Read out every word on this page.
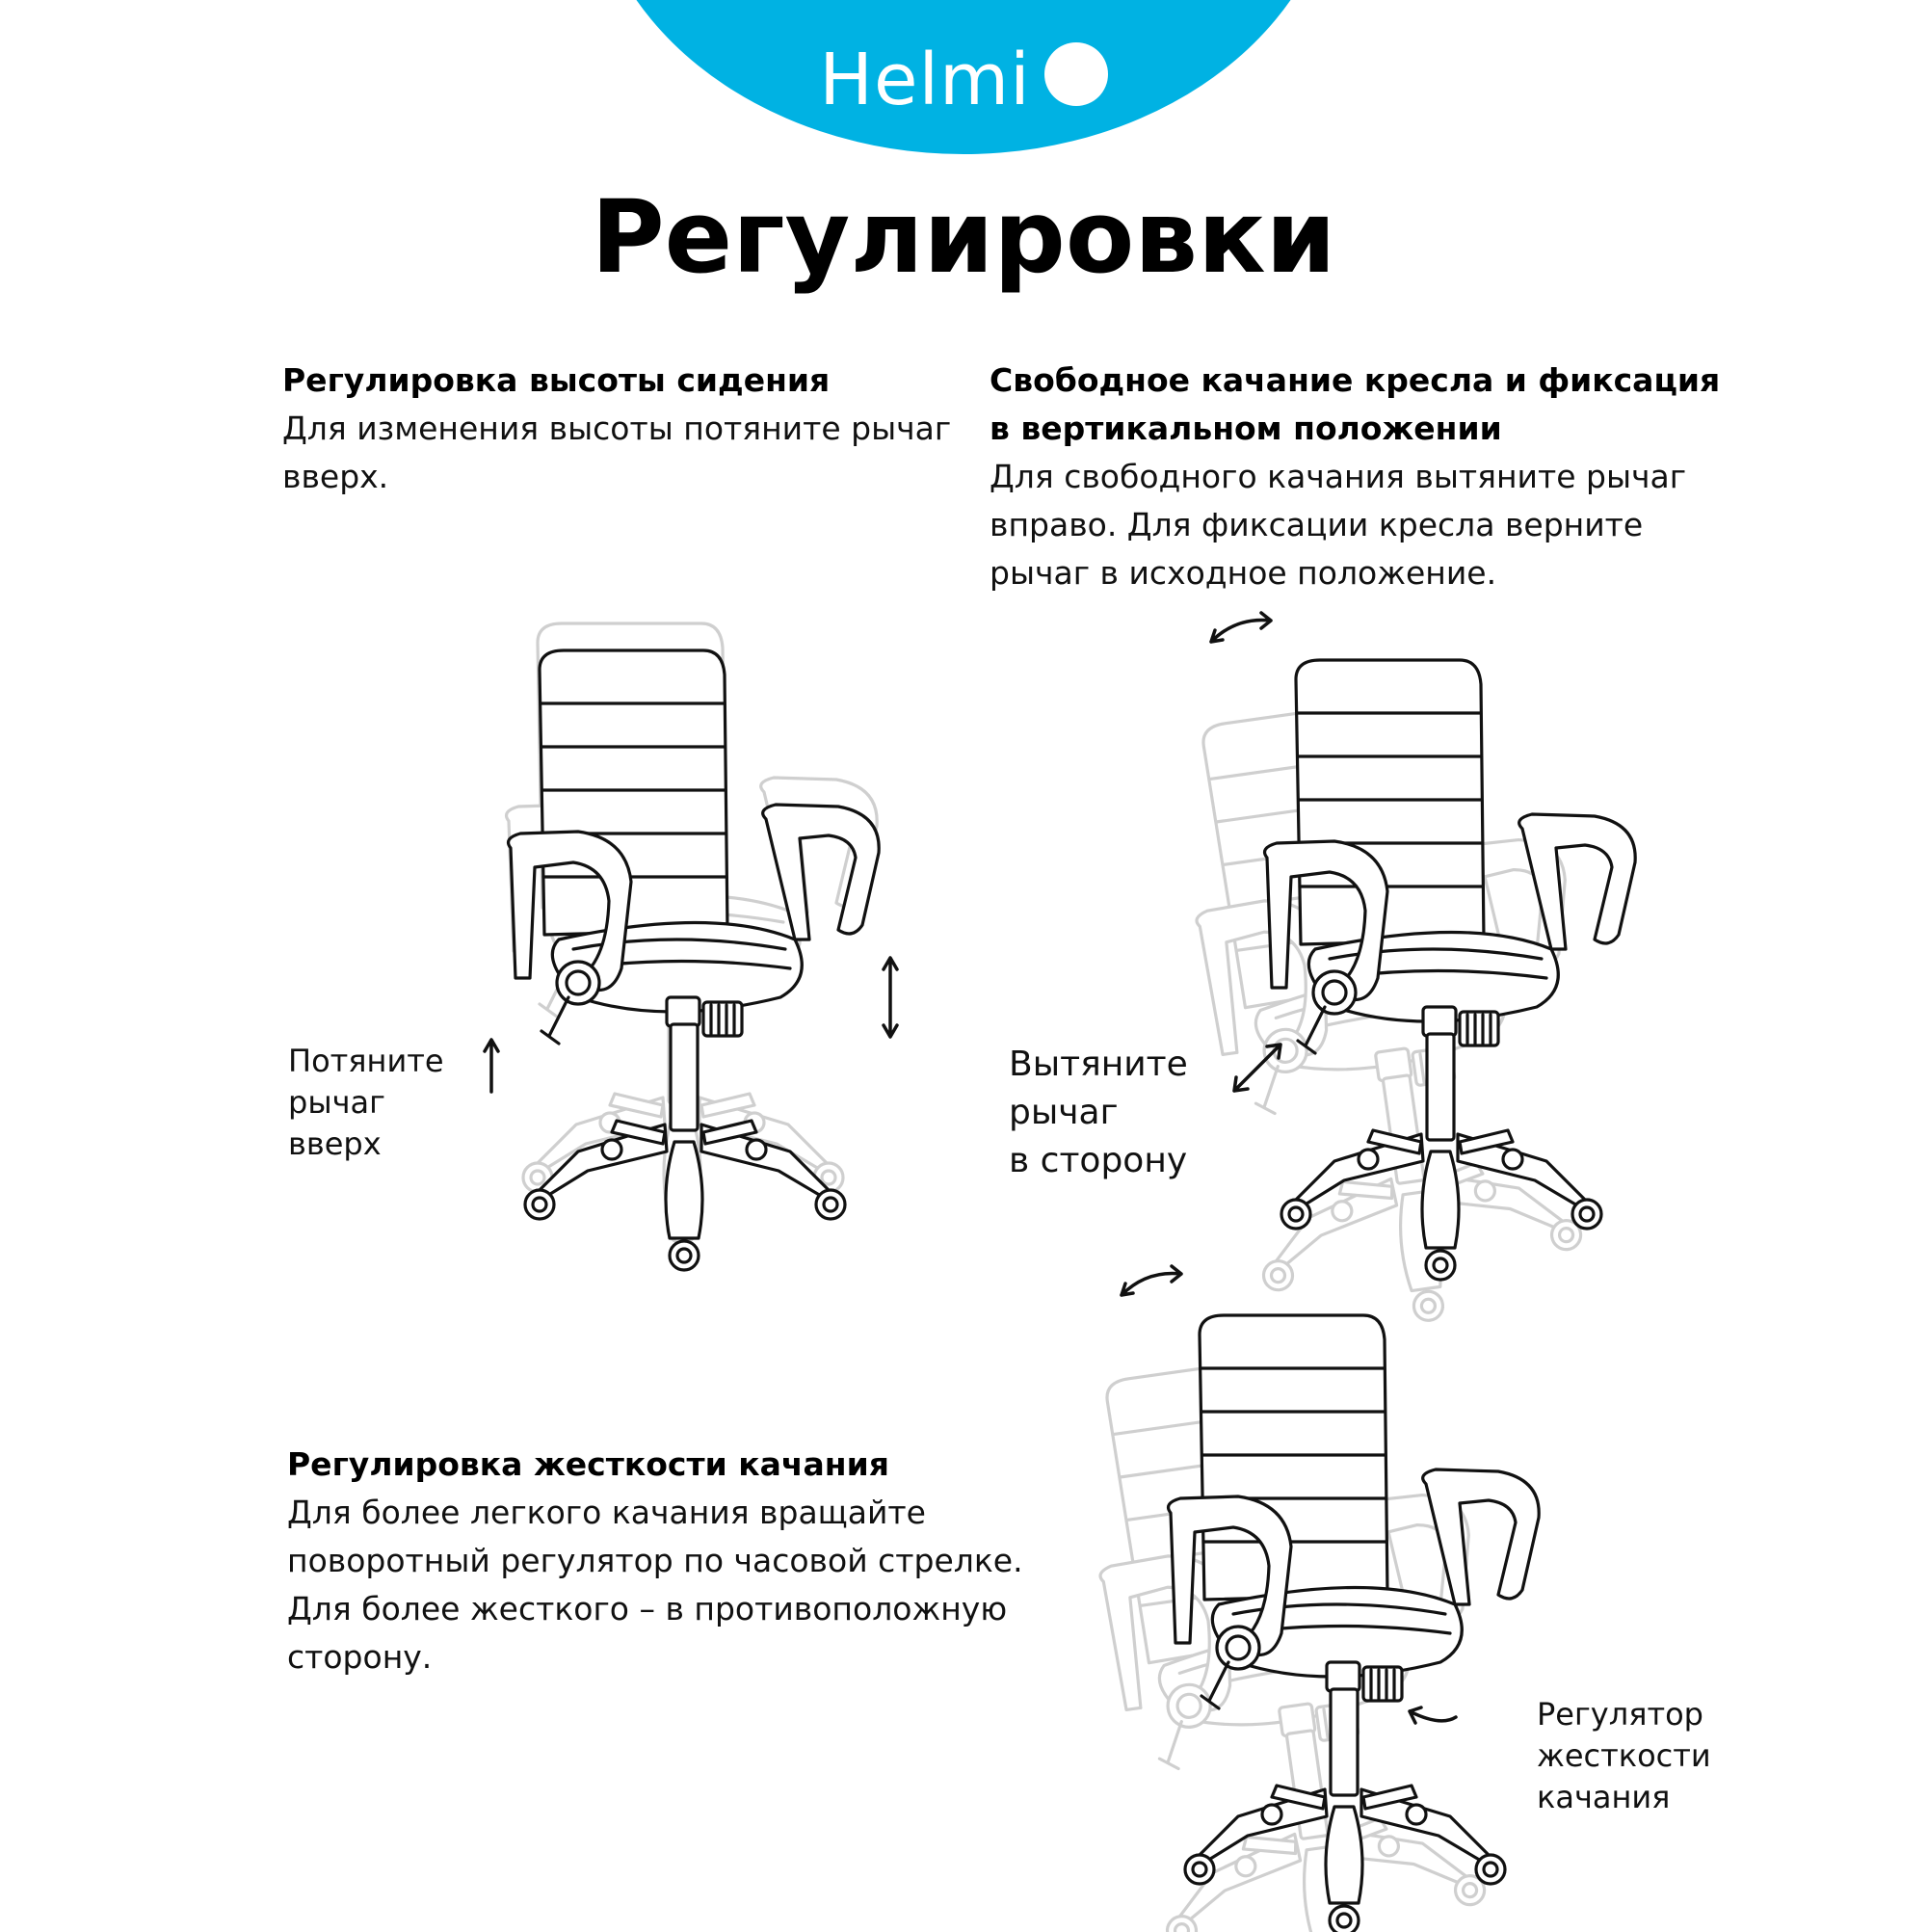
Helmi
Регулировки
Регулировка высоты сидения

Для изменения высоты потяните рычаг

вверх.

Свободное качание кресла и фиксация
в вертикальном положении

Для свободного качания вытяните рычаг

вправо. Для фиксации кресла верните

рычаг в исходное положение.

Регулировка жесткости качания

Для более легкого качания вращайте

поворотный регулятор по часовой стрелке.

Для более жесткого – в противоположную

сторону.

Потяните
рычаг
вверх
Вытяните
рычаг
в сторону
Регулятор
жесткости
качания
